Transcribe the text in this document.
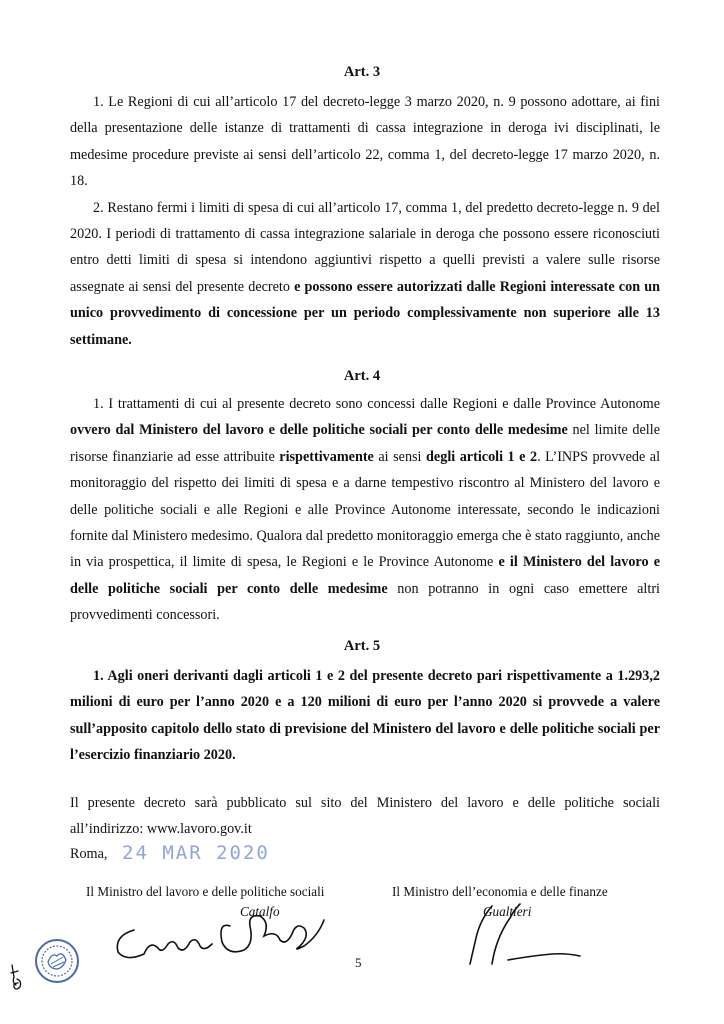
Art. 3

1. Le Regioni di cui all’articolo 17 del decreto-legge 3 marzo 2020, n. 9 possono adottare, ai fini della presentazione delle istanze di trattamenti di cassa integrazione in deroga ivi disciplinati, le medesime procedure previste ai sensi dell’articolo 22, comma 1, del decreto-legge 17 marzo 2020, n. 18.

2. Restano fermi i limiti di spesa di cui all’articolo 17, comma 1, del predetto decreto-legge n. 9 del 2020. I periodi di trattamento di cassa integrazione salariale in deroga che possono essere riconosciuti entro detti limiti di spesa si intendono aggiuntivi rispetto a quelli previsti a valere sulle risorse assegnate ai sensi del presente decreto e possono essere autorizzati dalle Regioni interessate con un unico provvedimento di concessione per un periodo complessivamente non superiore alle 13 settimane.

Art. 4

1. I trattamenti di cui al presente decreto sono concessi dalle Regioni e dalle Province Autonome ovvero dal Ministero del lavoro e delle politiche sociali per conto delle medesime nel limite delle risorse finanziarie ad esse attribuite rispettivamente ai sensi degli articoli 1 e 2. L’INPS provvede al monitoraggio del rispetto dei limiti di spesa e a darne tempestivo riscontro al Ministero del lavoro e delle politiche sociali e alle Regioni e alle Province Autonome interessate, secondo le indicazioni fornite dal Ministero medesimo. Qualora dal predetto monitoraggio emerga che è stato raggiunto, anche in via prospettica, il limite di spesa, le Regioni e le Province Autonome e il Ministero del lavoro e delle politiche sociali per conto delle medesime non potranno in ogni caso emettere altri provvedimenti concessori.

Art. 5

1. Agli oneri derivanti dagli articoli 1 e 2 del presente decreto pari rispettivamente a 1.293,2 milioni di euro per l’anno 2020 e a 120 milioni di euro per l’anno 2020 si provvede a valere sull’apposito capitolo dello stato di previsione del Ministero del lavoro e delle politiche sociali per l’esercizio finanziario 2020.

Il presente decreto sarà pubblicato sul sito del Ministero del lavoro e delle politiche sociali all’indirizzo: www.lavoro.gov.it
Roma, 24 MAR 2020
Il Ministro del lavoro e delle politiche sociali
Catalfo
Il Ministro dell’economia e delle finanze
Gualtieri
5
